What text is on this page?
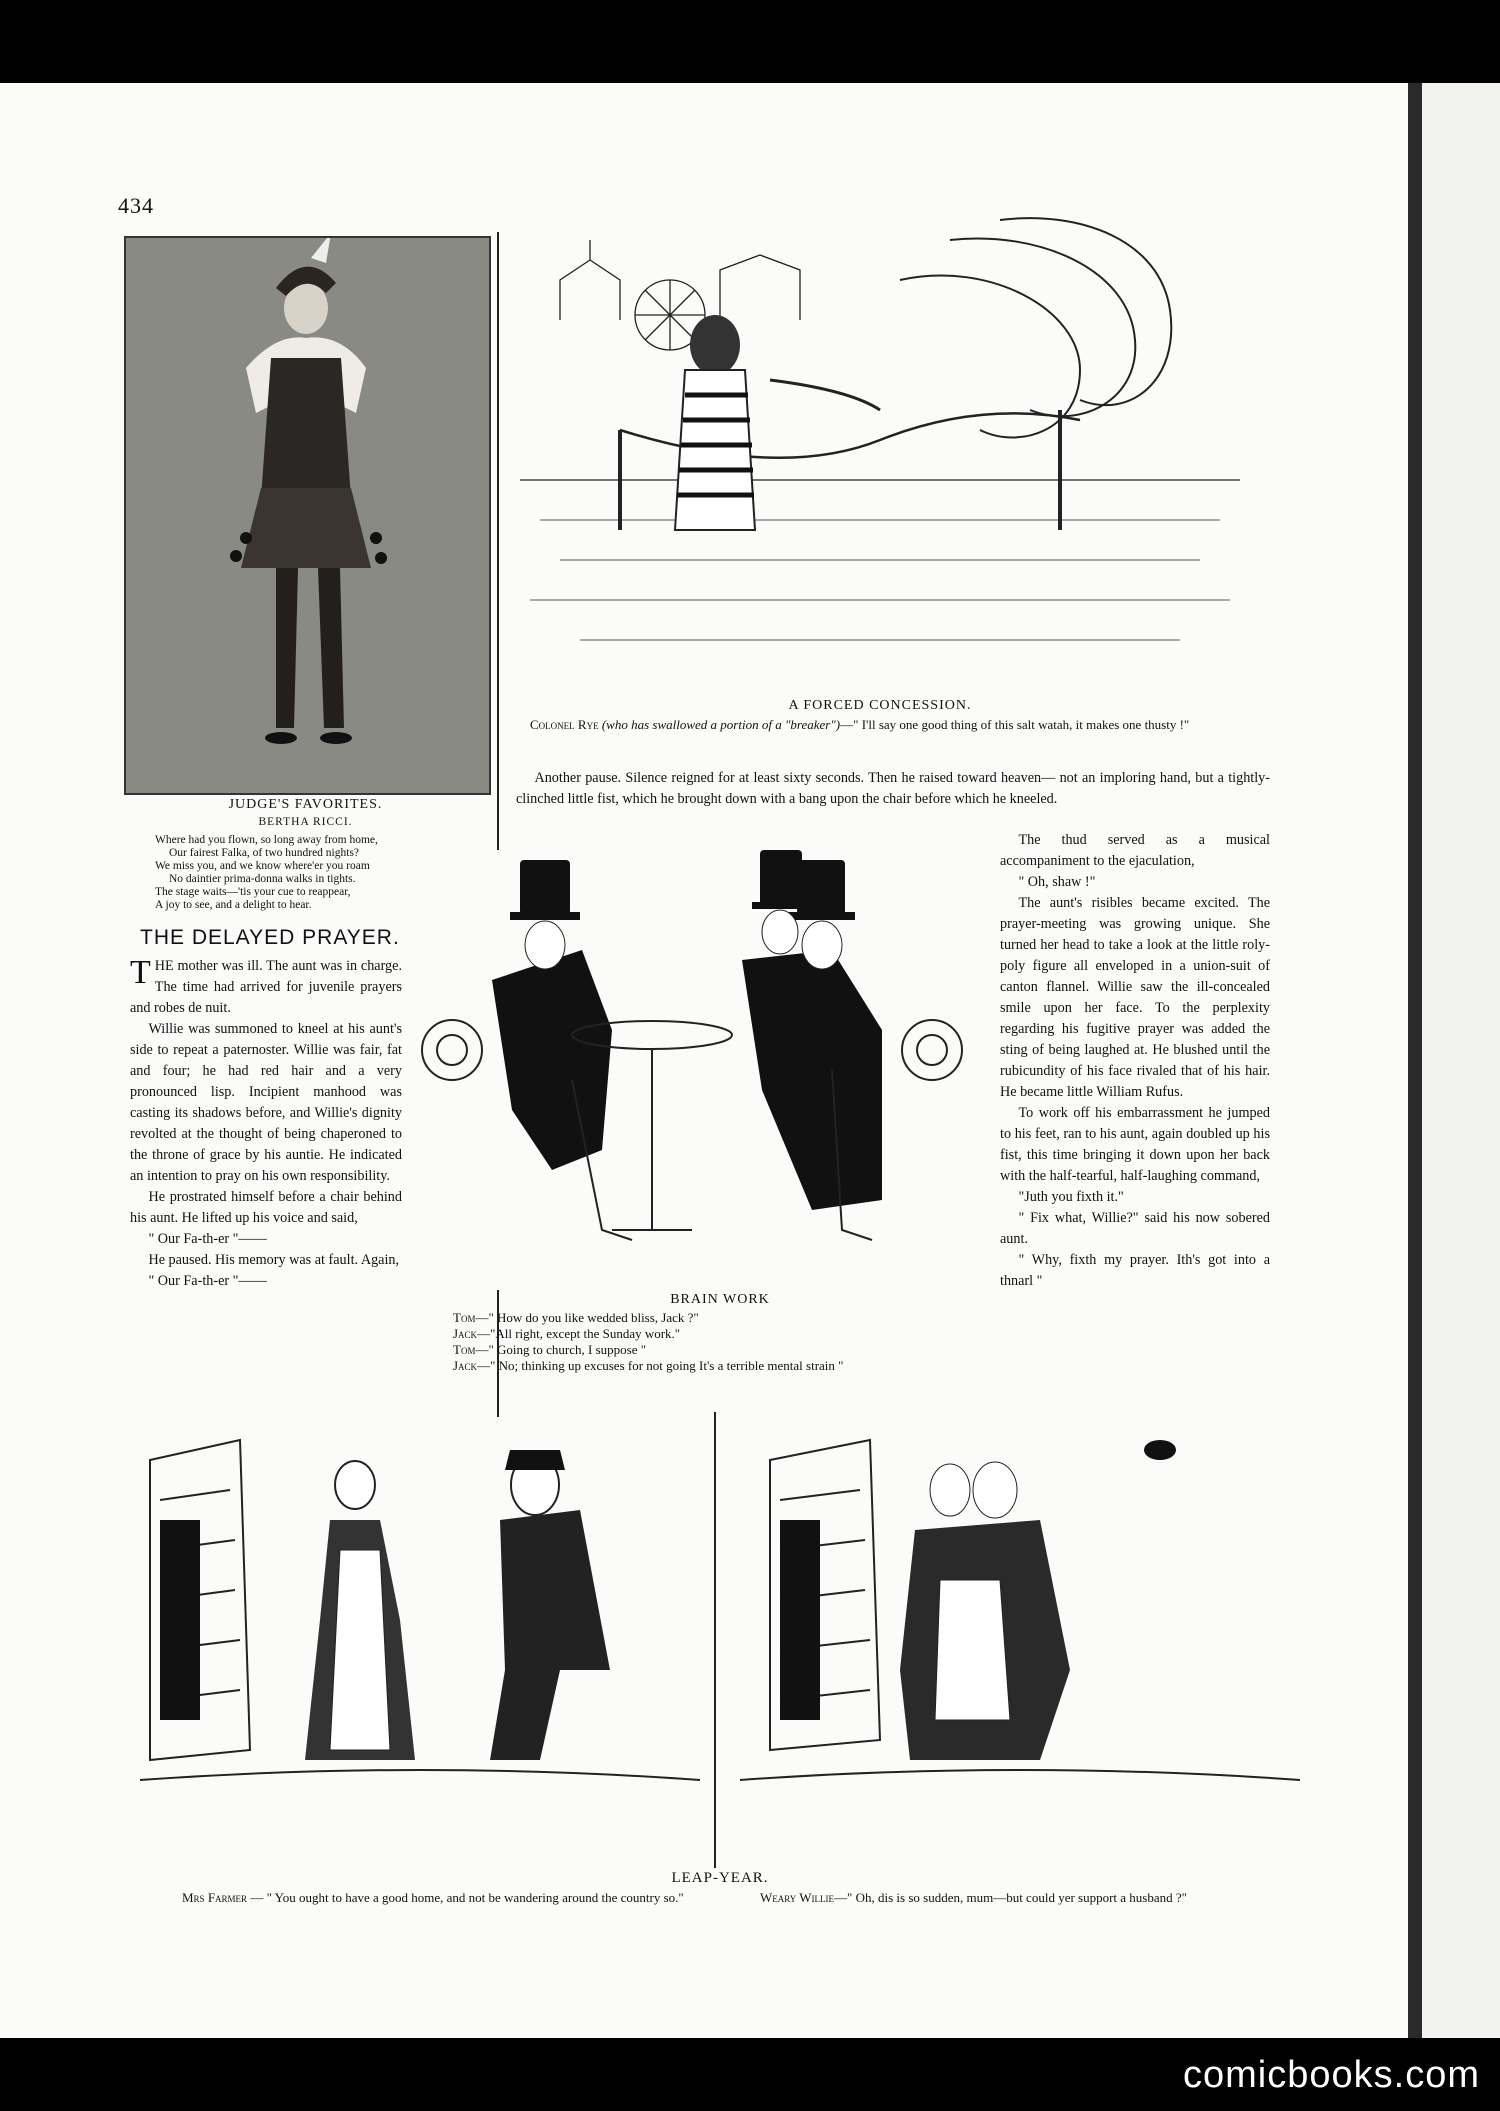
434
JUDGE'S FAVORITES.
BERTHA RICCI.
Where had you flown, so long away from home,
Our fairest Falka, of two hundred nights?
We miss you, and we know where'er you roam
No daintier prima-donna walks in tights.
The stage waits—'tis your cue to reappear,
A joy to see, and a delight to hear.
A FORCED CONCESSION.
Colonel Rye (who has swallowed a portion of a "breaker")—" I'll say one good thing of this salt watah, it makes one thusty !"

Another pause. Silence reigned for at least sixty seconds. Then he raised toward heaven— not an imploring hand, but a tightly-clinched little fist, which he brought down with a bang upon the chair before which he kneeled.

THE DELAYED PRAYER.
THE mother was ill. The aunt was in charge. The time had arrived for juvenile prayers and robes de nuit.

Willie was summoned to kneel at his aunt's side to repeat a paternoster. Willie was fair, fat and four; he had red hair and a very pronounced lisp. Incipient manhood was casting its shadows before, and Willie's dignity revolted at the thought of being chaperoned to the throne of grace by his auntie. He indicated an intention to pray on his own responsibility.

He prostrated himself before a chair behind his aunt. He lifted up his voice and said,

" Our Fa-th-er "——

He paused. His memory was at fault. Again,

" Our Fa-th-er "——

BRAIN WORK
Tom—" How do you like wedded bliss, Jack ?"
Jack—"All right, except the Sunday work."
Tom—" Going to church, I suppose "
Jack—" No; thinking up excuses for not going It's a terrible mental strain "

The thud served as a musical accompaniment to the ejaculation,

" Oh, shaw !"

The aunt's risibles became excited. The prayer-meeting was growing unique. She turned her head to take a look at the little roly-poly figure all enveloped in a union-suit of canton flannel. Willie saw the ill-concealed smile upon her face. To the perplexity regarding his fugitive prayer was added the sting of being laughed at. He blushed until the rubicundity of his face rivaled that of his hair. He became little William Rufus.

To work off his embarrassment he jumped to his feet, ran to his aunt, again doubled up his fist, this time bringing it down upon her back with the half-tearful, half-laughing command,

"Juth you fixth it."

" Fix what, Willie?" said his now sobered aunt.

" Why, fixth my prayer. Ith's got into a thnarl "

LEAP-YEAR.
Mrs Farmer — " You ought to have a good home, and not be wandering around the country so."	Weary Willie—" Oh, dis is so sudden, mum—but could yer support a husband ?"
comicbooks.com
